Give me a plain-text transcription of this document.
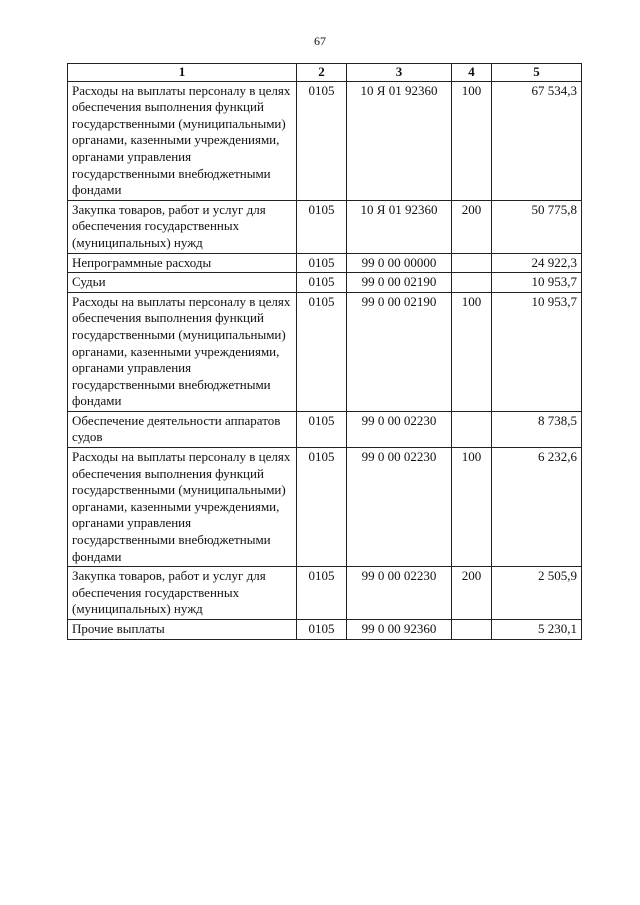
67
1	2	3	4	5
Расходы на выплаты персоналу в целях обеспечения выполнения функций государственными (муниципальными) органами, казенными учреждениями, органами управления государственными внебюджетными фондами	0105	10 Я 01 92360	100	67 534,3
Закупка товаров, работ и услуг для обеспечения государственных (муниципальных) нужд	0105	10 Я 01 92360	200	50 775,8
Непрограммные расходы	0105	99 0 00 00000		24 922,3
Судьи	0105	99 0 00 02190		10 953,7
Расходы на выплаты персоналу в целях обеспечения выполнения функций государственными (муниципальными) органами, казенными учреждениями, органами управления государственными внебюджетными фондами	0105	99 0 00 02190	100	10 953,7
Обеспечение деятельности аппаратов судов	0105	99 0 00 02230		8 738,5
Расходы на выплаты персоналу в целях обеспечения выполнения функций государственными (муниципальными) органами, казенными учреждениями, органами управления государственными внебюджетными фондами	0105	99 0 00 02230	100	6 232,6
Закупка товаров, работ и услуг для обеспечения государственных (муниципальных) нужд	0105	99 0 00 02230	200	2 505,9
Прочие выплаты	0105	99 0 00 92360		5 230,1
